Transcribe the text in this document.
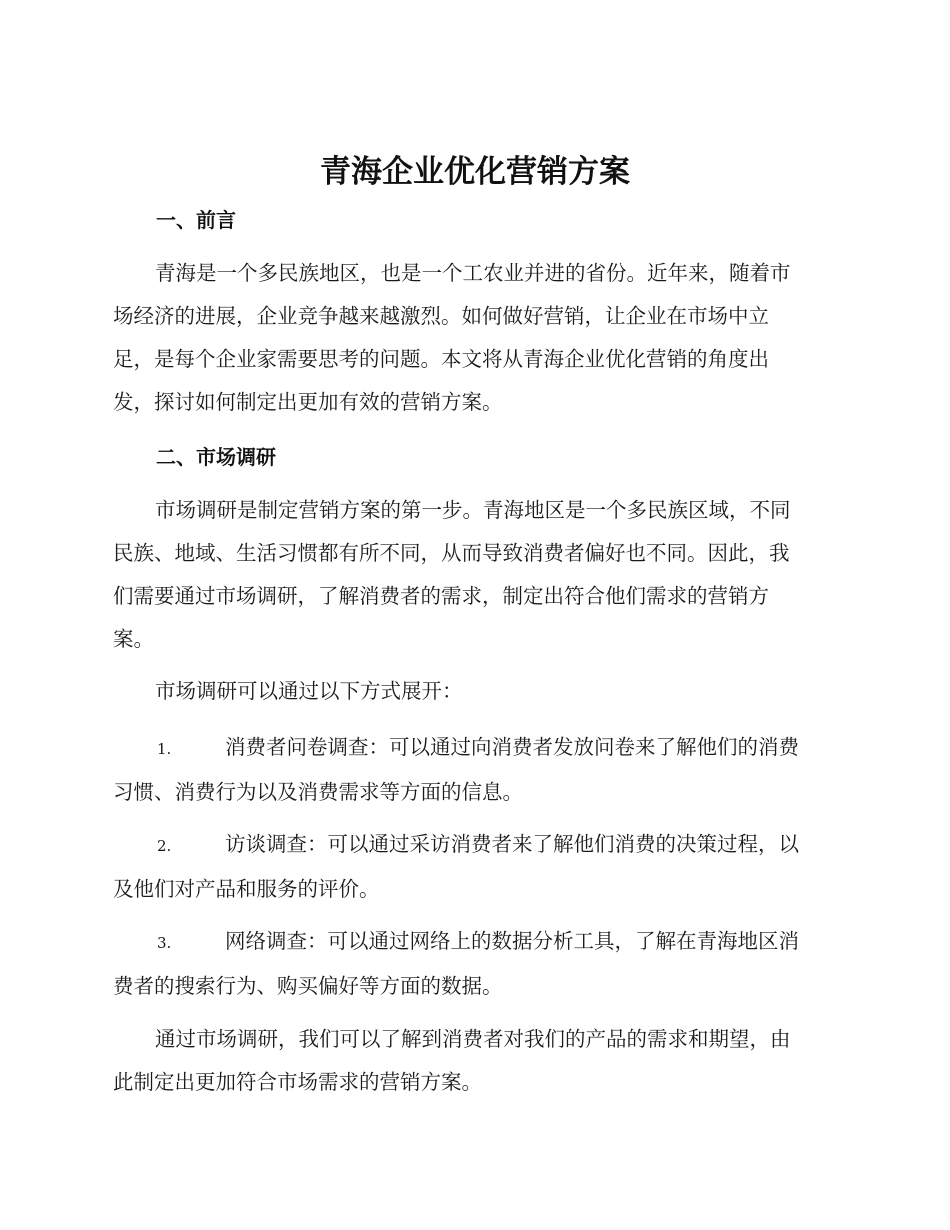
青海企业优化营销方案
一、前言

青海是一个多民族地区，也是一个工农业并进的省份。近年来，随着市
场经济的进展，企业竞争越来越激烈。如何做好营销，让企业在市场中立
足，是每个企业家需要思考的问题。本文将从青海企业优化营销的角度出
发，探讨如何制定出更加有效的营销方案。

二、市场调研

市场调研是制定营销方案的第一步。青海地区是一个多民族区域，不同
民族、地域、生活习惯都有所不同，从而导致消费者偏好也不同。因此，我
们需要通过市场调研，了解消费者的需求，制定出符合他们需求的营销方
案。

市场调研可以通过以下方式展开：

1.	消费者问卷调查：可以通过向消费者发放问卷来了解他们的消费
习惯、消费行为以及消费需求等方面的信息。
2.	访谈调查：可以通过采访消费者来了解他们消费的决策过程，以
及他们对产品和服务的评价。
3.	网络调查：可以通过网络上的数据分析工具，了解在青海地区消
费者的搜索行为、购买偏好等方面的数据。

通过市场调研，我们可以了解到消费者对我们的产品的需求和期望，由
此制定出更加符合市场需求的营销方案。
